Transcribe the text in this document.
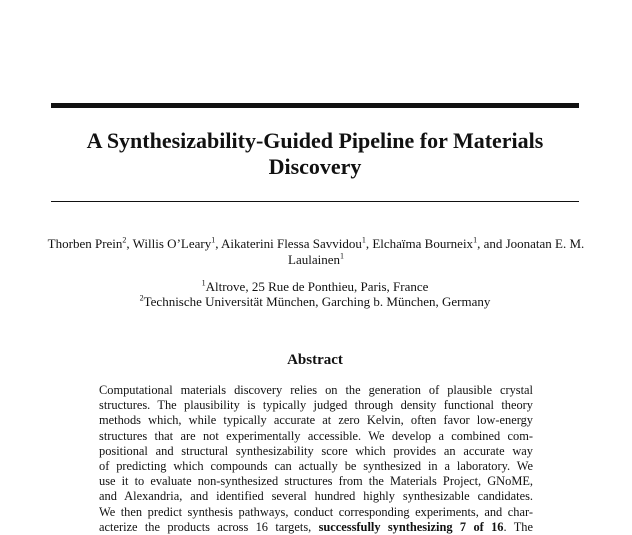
A Synthesizability-Guided Pipeline for Materials Discovery
Thorben Prein$^2$, Willis O’Leary$^1$, Aikaterini Flessa Savvidou$^1$, Elchaïma Bourneix$^1$, and Joonatan E. M. Laulainen$^1$
$^1$Altrove, 25 Rue de Ponthieu, Paris, France
$^2$Technische Universität München, Garching b. München, Germany
Abstract
Computational materials discovery relies on the generation of plausible crystal
structures. The plausibility is typically judged through density functional theory
methods which, while typically accurate at zero Kelvin, often favor low-energy
structures that are not experimentally accessible. We develop a combined com-
positional and structural synthesizability score which provides an accurate way
of predicting which compounds can actually be synthesized in a laboratory. We
use it to evaluate non-synthesized structures from the Materials Project, GNoME,
and Alexandria, and identified several hundred highly synthesizable candidates.
We then predict synthesis pathways, conduct corresponding experiments, and char-
acterize the products across 16 targets, successfully synthesizing 7 of 16. The
